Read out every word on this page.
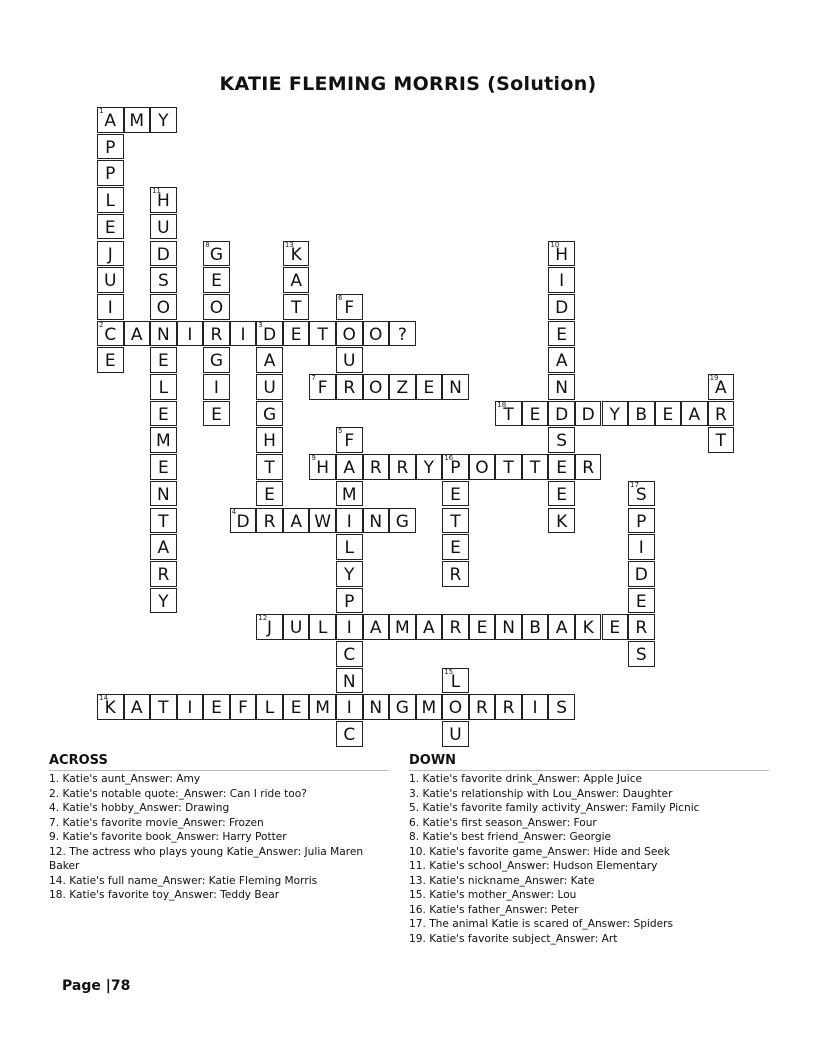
KATIE FLEMING MORRIS (Solution)
1 A M Y
P
P
L
E
J
U
I
2 C
E
11
H
U
D
S
O
N
E
L
E
M
E
N
T
A
R
Y
8 G
E
O
R
G
I
E
13
K
A
T
E
10
H
I
D
E
A
N
D
S
E
E
K
6 F
O
U
R
A	I	I	3 D	T	O ?
A
U
G
H
T
E
R
19
A
R
T
7 F	O Z E N
18
T E	D Y B E A
5 F
A
M
I
L
Y
P
I
C
N
I
C
9 H	R R Y	16
P O T T	R
E
T
E
R
17
S
P
I
D
E
R
S
4 D	A W	N G
12 J	U L	A M A R E N B A K E
15
L
O
U
14
K A T	I	E F L E M	N G M	R R	I	S
ACROSS
1. Katie's aunt_Answer: Amy
2. Katie's notable quote:_Answer: Can I ride too?
4. Katie's hobby_Answer: Drawing
7. Katie's favorite movie_Answer: Frozen
9. Katie's favorite book_Answer: Harry Potter
12. The actress who plays young Katie_Answer: Julia Maren Baker
14. Katie's full name_Answer: Katie Fleming Morris
18. Katie's favorite toy_Answer: Teddy Bear
DOWN
1. Katie's favorite drink_Answer: Apple Juice
3. Katie's relationship with Lou_Answer: Daughter
5. Katie's favorite family activity_Answer: Family Picnic
6. Katie's first season_Answer: Four
8. Katie's best friend_Answer: Georgie
10. Katie's favorite game_Answer: Hide and Seek
11. Katie's school_Answer: Hudson Elementary
13. Katie's nickname_Answer: Kate
15. Katie's mother_Answer: Lou
16. Katie's father_Answer: Peter
17. The animal Katie is scared of_Answer: Spiders
19. Katie's favorite subject_Answer: Art
Page |78
